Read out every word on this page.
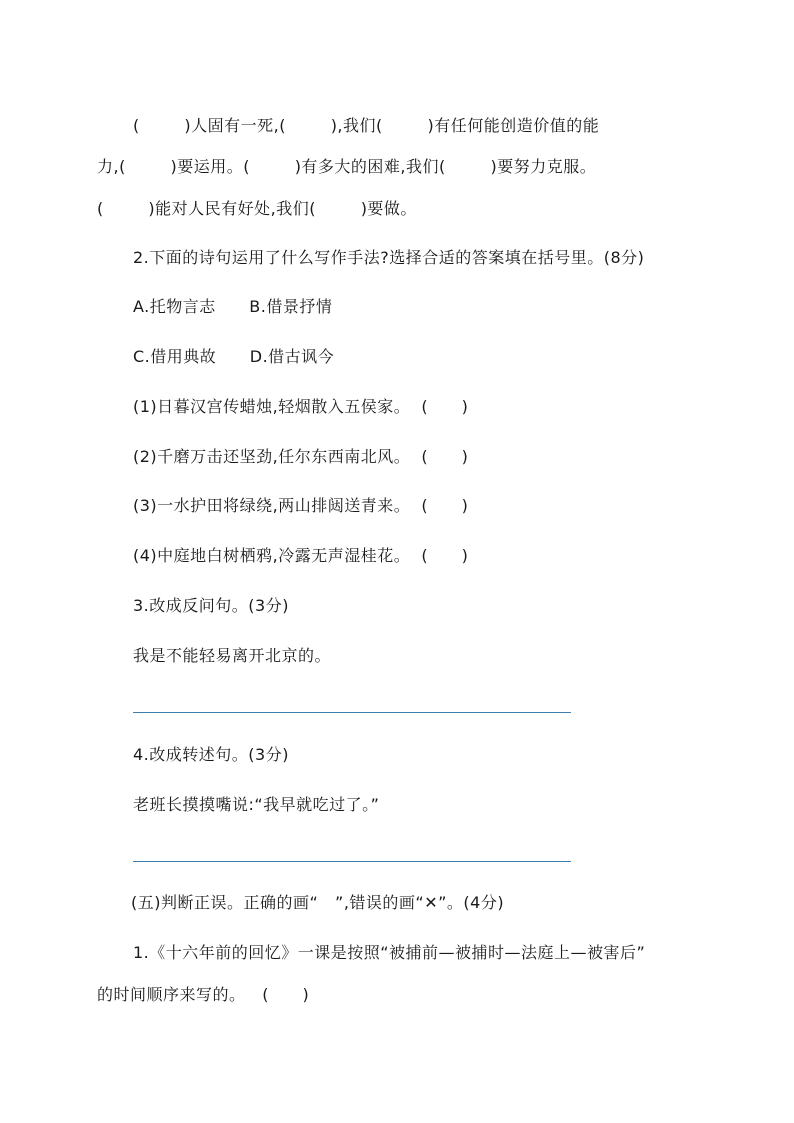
(        )人固有一死,(        ),我们(        )有任何能创造价值的能
力,(        )要运用。(        )有多大的困难,我们(        )要努力克服。
(        )能对人民有好处,我们(        )要做。
2.下面的诗句运用了什么写作手法?选择合适的答案填在括号里。(8分)
A.托物言志      B.借景抒情
C.借用典故      D.借古讽今
(1)日暮汉宫传蜡烛,轻烟散入五侯家。  (      )
(2)千磨万击还坚劲,任尔东西南北风。  (      )
(3)一水护田将绿绕,两山排闼送青来。  (      )
(4)中庭地白树栖鸦,冷露无声湿桂花。  (      )
3.改成反问句。(3分)
我是不能轻易离开北京的。
4.改成转述句。(3分)
老班长摸摸嘴说:“我早就吃过了。”
(五)判断正误。正确的画“   ”,错误的画“✕”。(4分)
1.《十六年前的回忆》一课是按照“被捕前—被捕时—法庭上—被害后”
的时间顺序来写的。   (      )
